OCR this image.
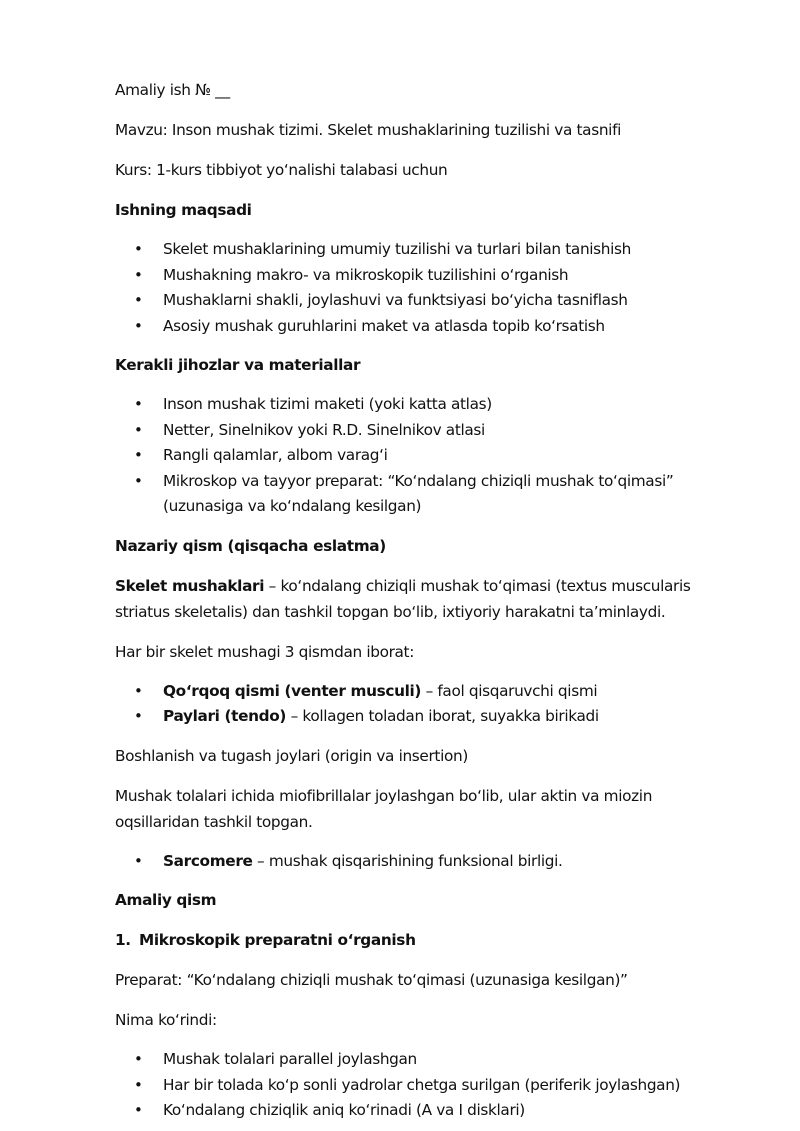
Amaliy ish № __

Mavzu: Inson mushak tizimi. Skelet mushaklarining tuzilishi va tasnifi

Kurs: 1-kurs tibbiyot yo‘nalishi talabasi uchun

Ishning maqsadi

• Skelet mushaklarining umumiy tuzilishi va turlari bilan tanishish
• Mushakning makro- va mikroskopik tuzilishini o‘rganish
• Mushaklarni shakli, joylashuvi va funktsiyasi bo‘yicha tasniflash
• Asosiy mushak guruhlarini maket va atlasda topib ko‘rsatish

Kerakli jihozlar va materiallar

• Inson mushak tizimi maketi (yoki katta atlas)
• Netter, Sinelnikov yoki R.D. Sinelnikov atlasi
• Rangli qalamlar, albom varag‘i
• Mikroskop va tayyor preparat: “Ko‘ndalang chiziqli mushak to‘qimasi” (uzunasiga va ko‘ndalang kesilgan)

Nazariy qism (qisqacha eslatma)

Skelet mushaklari – ko‘ndalang chiziqli mushak to‘qimasi (textus muscularis striatus skeletalis) dan tashkil topgan bo‘lib, ixtiyoriy harakatni ta’minlaydi.

Har bir skelet mushagi 3 qismdan iborat:

• Qo‘rqoq qismi (venter musculi) – faol qisqaruvchi qismi
• Paylari (tendo) – kollagen toladan iborat, suyakka birikadi

Boshlanish va tugash joylari (origin va insertion)

Mushak tolalari ichida miofibrillalar joylashgan bo‘lib, ular aktin va miozin oqsillaridan tashkil topgan.

• Sarcomere – mushak qisqarishining funksional birligi.

Amaliy qism

1. Mikroskopik preparatni o‘rganish

Preparat: “Ko‘ndalang chiziqli mushak to‘qimasi (uzunasiga kesilgan)”

Nima ko‘rindi:

• Mushak tolalari parallel joylashgan
• Har bir tolada ko‘p sonli yadrolar chetga surilgan (periferik joylashgan)
• Ko‘ndalang chiziqlik aniq ko‘rinadi (A va I disklari)
